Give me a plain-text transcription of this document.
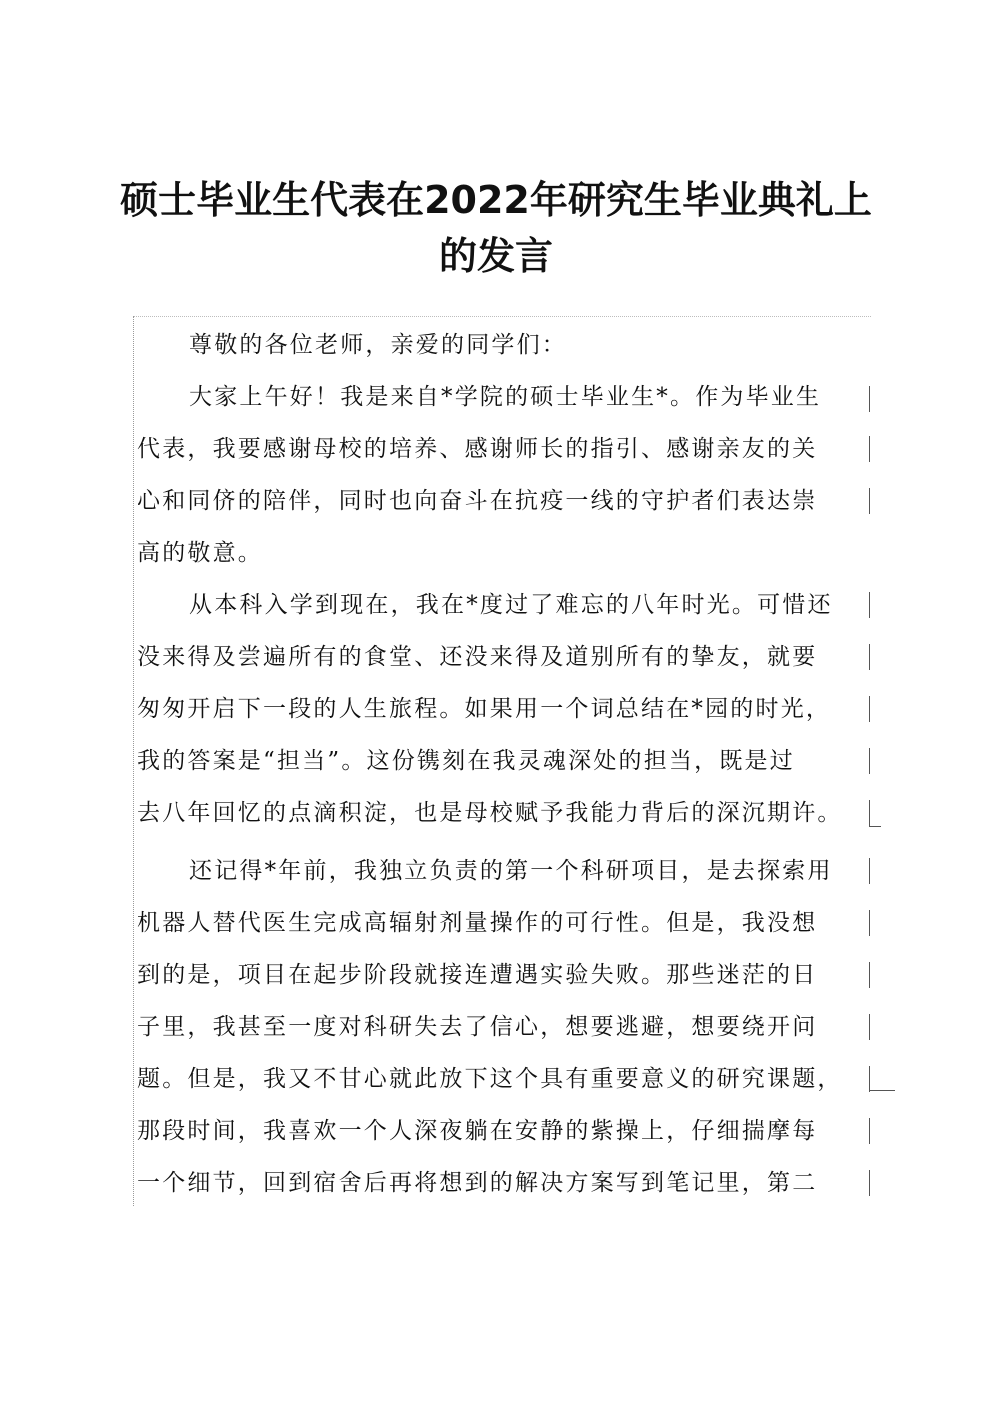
硕士毕业生代表在2022年研究生毕业典礼上
的发言
尊敬的各位老师，亲爱的同学们：
大家上午好！我是来自*学院的硕士毕业生*。作为毕业生
代表，我要感谢母校的培养、感谢师长的指引、感谢亲友的关
心和同侪的陪伴，同时也向奋斗在抗疫一线的守护者们表达崇
高的敬意。
从本科入学到现在，我在*度过了难忘的八年时光。可惜还
没来得及尝遍所有的食堂、还没来得及道别所有的挚友，就要
匆匆开启下一段的人生旅程。如果用一个词总结在*园的时光，
我的答案是“担当”。这份镌刻在我灵魂深处的担当，既是过
去八年回忆的点滴积淀，也是母校赋予我能力背后的深沉期许。
还记得*年前，我独立负责的第一个科研项目，是去探索用
机器人替代医生完成高辐射剂量操作的可行性。但是，我没想
到的是，项目在起步阶段就接连遭遇实验失败。那些迷茫的日
子里，我甚至一度对科研失去了信心，想要逃避，想要绕开问
题。但是，我又不甘心就此放下这个具有重要意义的研究课题，
那段时间，我喜欢一个人深夜躺在安静的紫操上，仔细揣摩每
一个细节，回到宿舍后再将想到的解决方案写到笔记里，第二
